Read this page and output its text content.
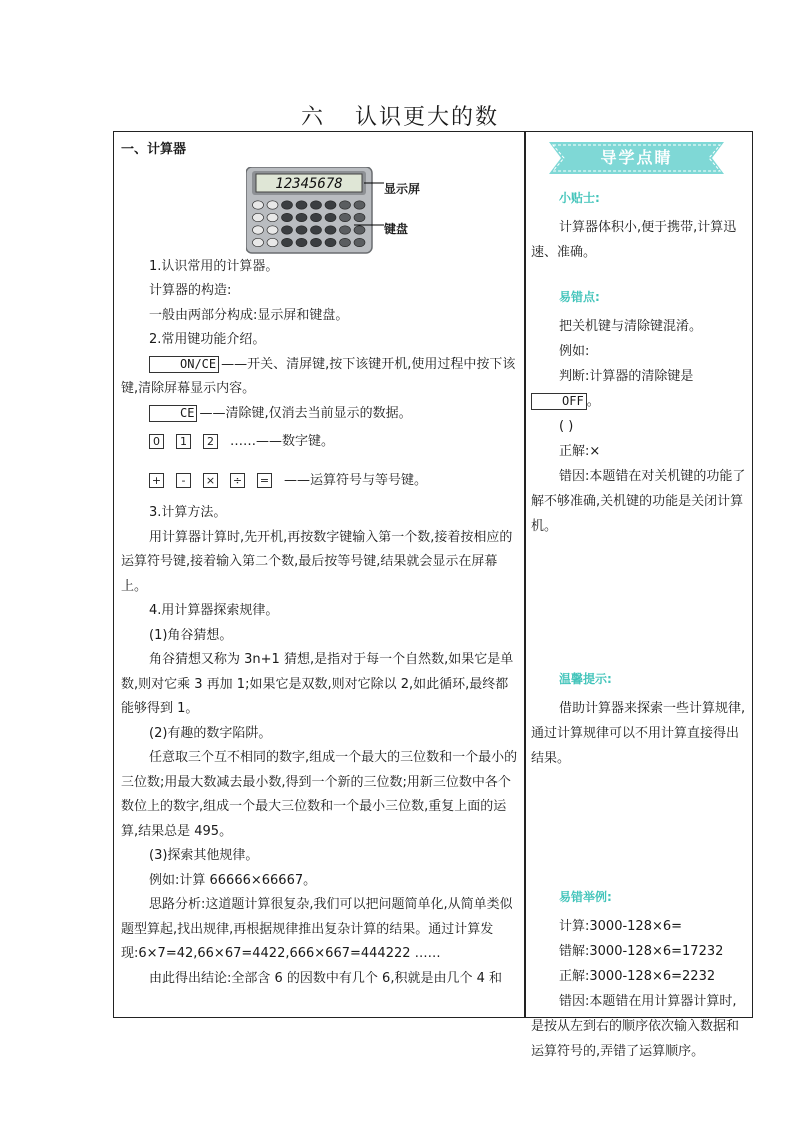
六 认识更大的数

一、计算器

12345678	显示屏
键盘

1.认识常用的计算器。

计算器的构造:

一般由两部分构成:显示屏和键盘。

2.常用键功能介绍。

ON/CE ——开关、清屏键,按下该键开机,使用过程中按下该键,清除屏幕显示内容。

CE ——清除键,仅消去当前显示的数据。

0 1 2 ……——数字键。

+ - × ÷ = ——运算符号与等号键。

3.计算方法。

用计算器计算时,先开机,再按数字键输入第一个数,接着按相应的运算符号键,接着输入第二个数,最后按等号键,结果就会显示在屏幕上。

4.用计算器探索规律。

(1)角谷猜想。

角谷猜想又称为 3n+1 猜想,是指对于每一个自然数,如果它是单数,则对它乘 3 再加 1;如果它是双数,则对它除以 2,如此循环,最终都能够得到 1。

(2)有趣的数字陷阱。

任意取三个互不相同的数字,组成一个最大的三位数和一个最小的三位数;用最大数减去最小数,得到一个新的三位数;用新三位数中各个数位上的数字,组成一个最大三位数和一个最小三位数,重复上面的运算,结果总是 495。

(3)探索其他规律。

例如:计算 66666×66667。

思路分析:这道题计算很复杂,我们可以把问题简单化,从简单类似题型算起,找出规律,再根据规律推出复杂计算的结果。通过计算发现:6×7=42,66×67=4422,666×667=444222 ……

由此得出结论:全部含 6 的因数中有几个 6,积就是由几个 4 和

导学点睛

小贴士:

计算器体积小,便于携带,计算迅速、准确。

易错点:

把关机键与清除键混淆。

例如:

判断:计算器的清除键是OFF 。

( )

正解:×

错因:本题错在对关机键的功能了解不够准确,关机键的功能是关闭计算机。

温馨提示:

借助计算器来探索一些计算规律,通过计算规律可以不用计算直接得出结果。

易错举例:

计算:3000-128×6=

错解:3000-128×6=17232

正解:3000-128×6=2232

错因:本题错在用计算器计算时,是按从左到右的顺序依次输入数据和运算符号的,弄错了运算顺序。
